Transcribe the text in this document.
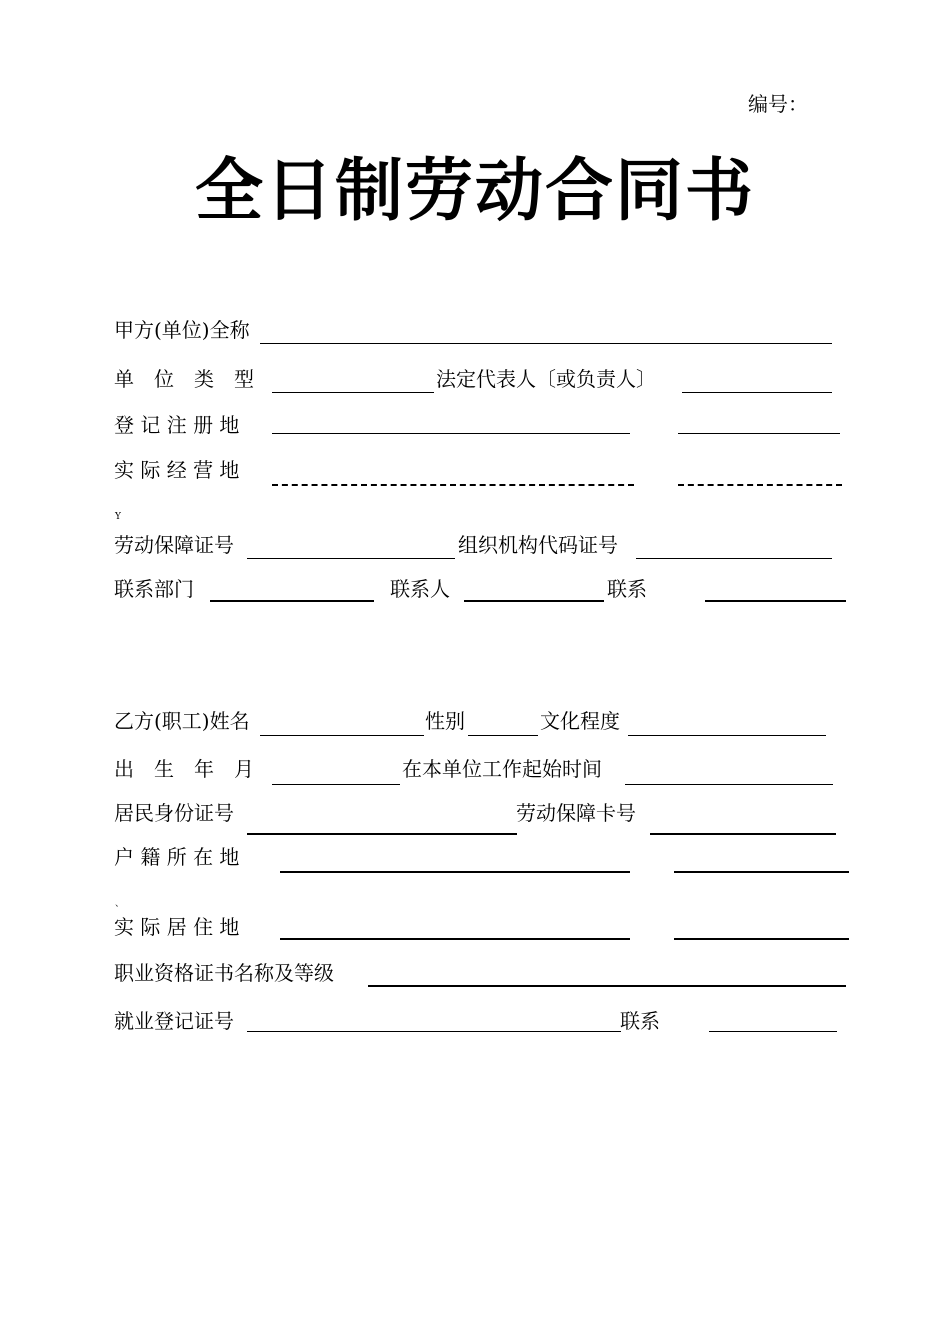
编号：
全日制劳动合同书
甲方(单位)全称
单　位　类　型	法定代表人〔或负责人〕
登 记 注 册 地
实 际 经 营 地
Y
劳动保障证号	组织机构代码证号
联系部门	联系人	联系
乙方(职工)姓名	性别	文化程度
出　生　年　月	在本单位工作起始时间
居民身份证号	劳动保障卡号
户 籍 所 在 地
、
实 际 居 住 地
职业资格证书名称及等级
就业登记证号	联系
